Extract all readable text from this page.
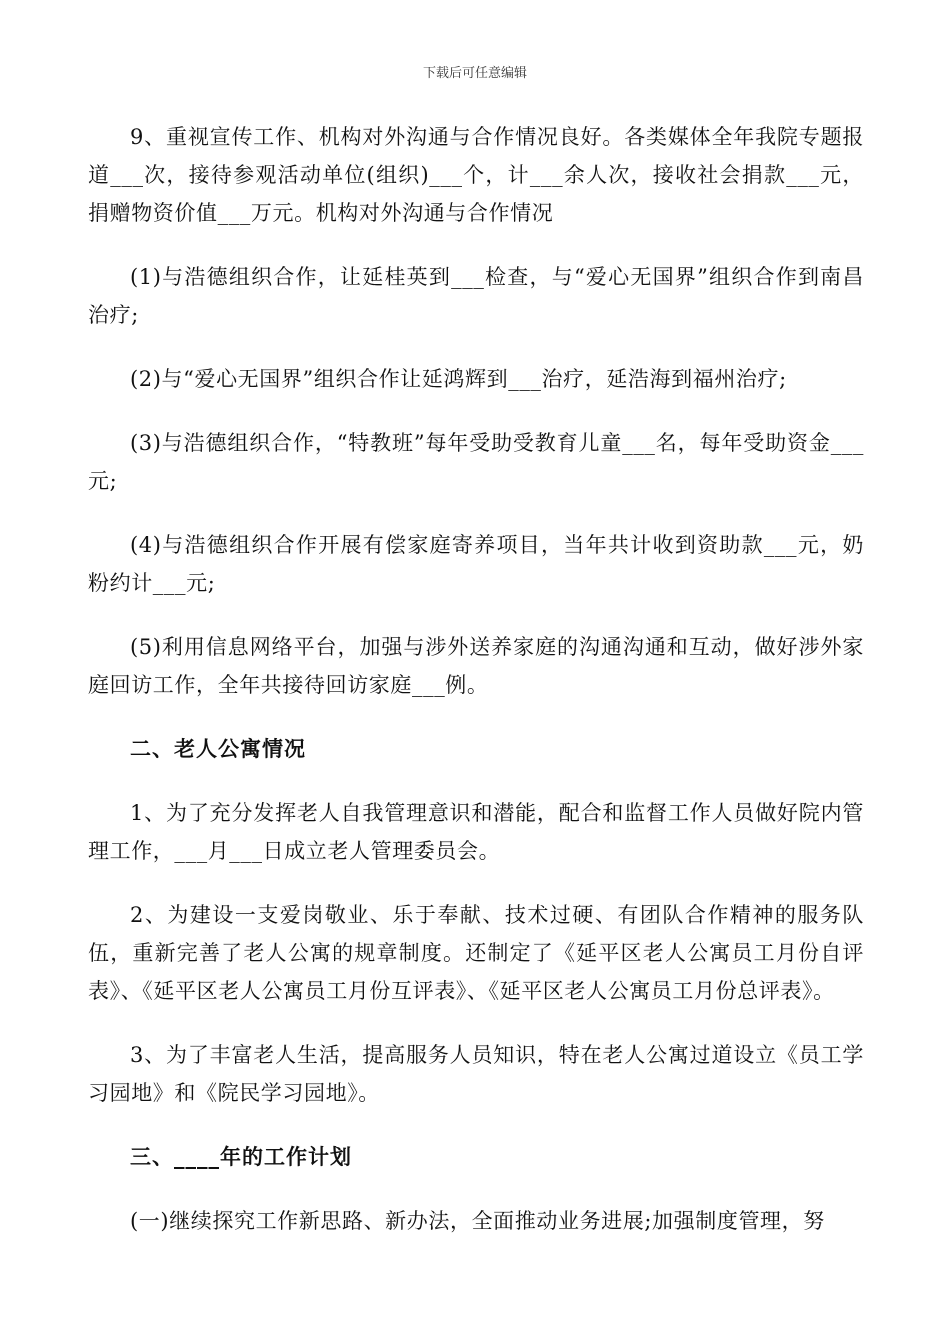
下载后可任意编辑

9、重视宣传工作、机构对外沟通与合作情况良好。各类媒体全年我院专题报道___次，接待参观活动单位(组织)___个，计___余人次，接收社会捐款___元，捐赠物资价值___万元。机构对外沟通与合作情况

(1)与浩德组织合作，让延桂英到___检查，与“爱心无国界”组织合作到南昌治疗;

(2)与“爱心无国界”组织合作让延鸿辉到___治疗，延浩海到福州治疗;

(3)与浩德组织合作，“特教班”每年受助受教育儿童___名，每年受助资金___元;

(4)与浩德组织合作开展有偿家庭寄养项目，当年共计收到资助款___元，奶粉约计___元;

(5)利用信息网络平台，加强与涉外送养家庭的沟通沟通和互动，做好涉外家庭回访工作，全年共接待回访家庭___例。

二、老人公寓情况

1、为了充分发挥老人自我管理意识和潜能，配合和监督工作人员做好院内管理工作，___月___日成立老人管理委员会。

2、为建设一支爱岗敬业、乐于奉献、技术过硬、有团队合作精神的服务队伍，重新完善了老人公寓的规章制度。还制定了《延平区老人公寓员工月份自评表》、《延平区老人公寓员工月份互评表》、《延平区老人公寓员工月份总评表》。

3、为了丰富老人生活，提高服务人员知识，特在老人公寓过道设立《员工学习园地》和《院民学习园地》。

三、____年的工作计划

(一)继续探究工作新思路、新办法，全面推动业务进展;加强制度管理，努
